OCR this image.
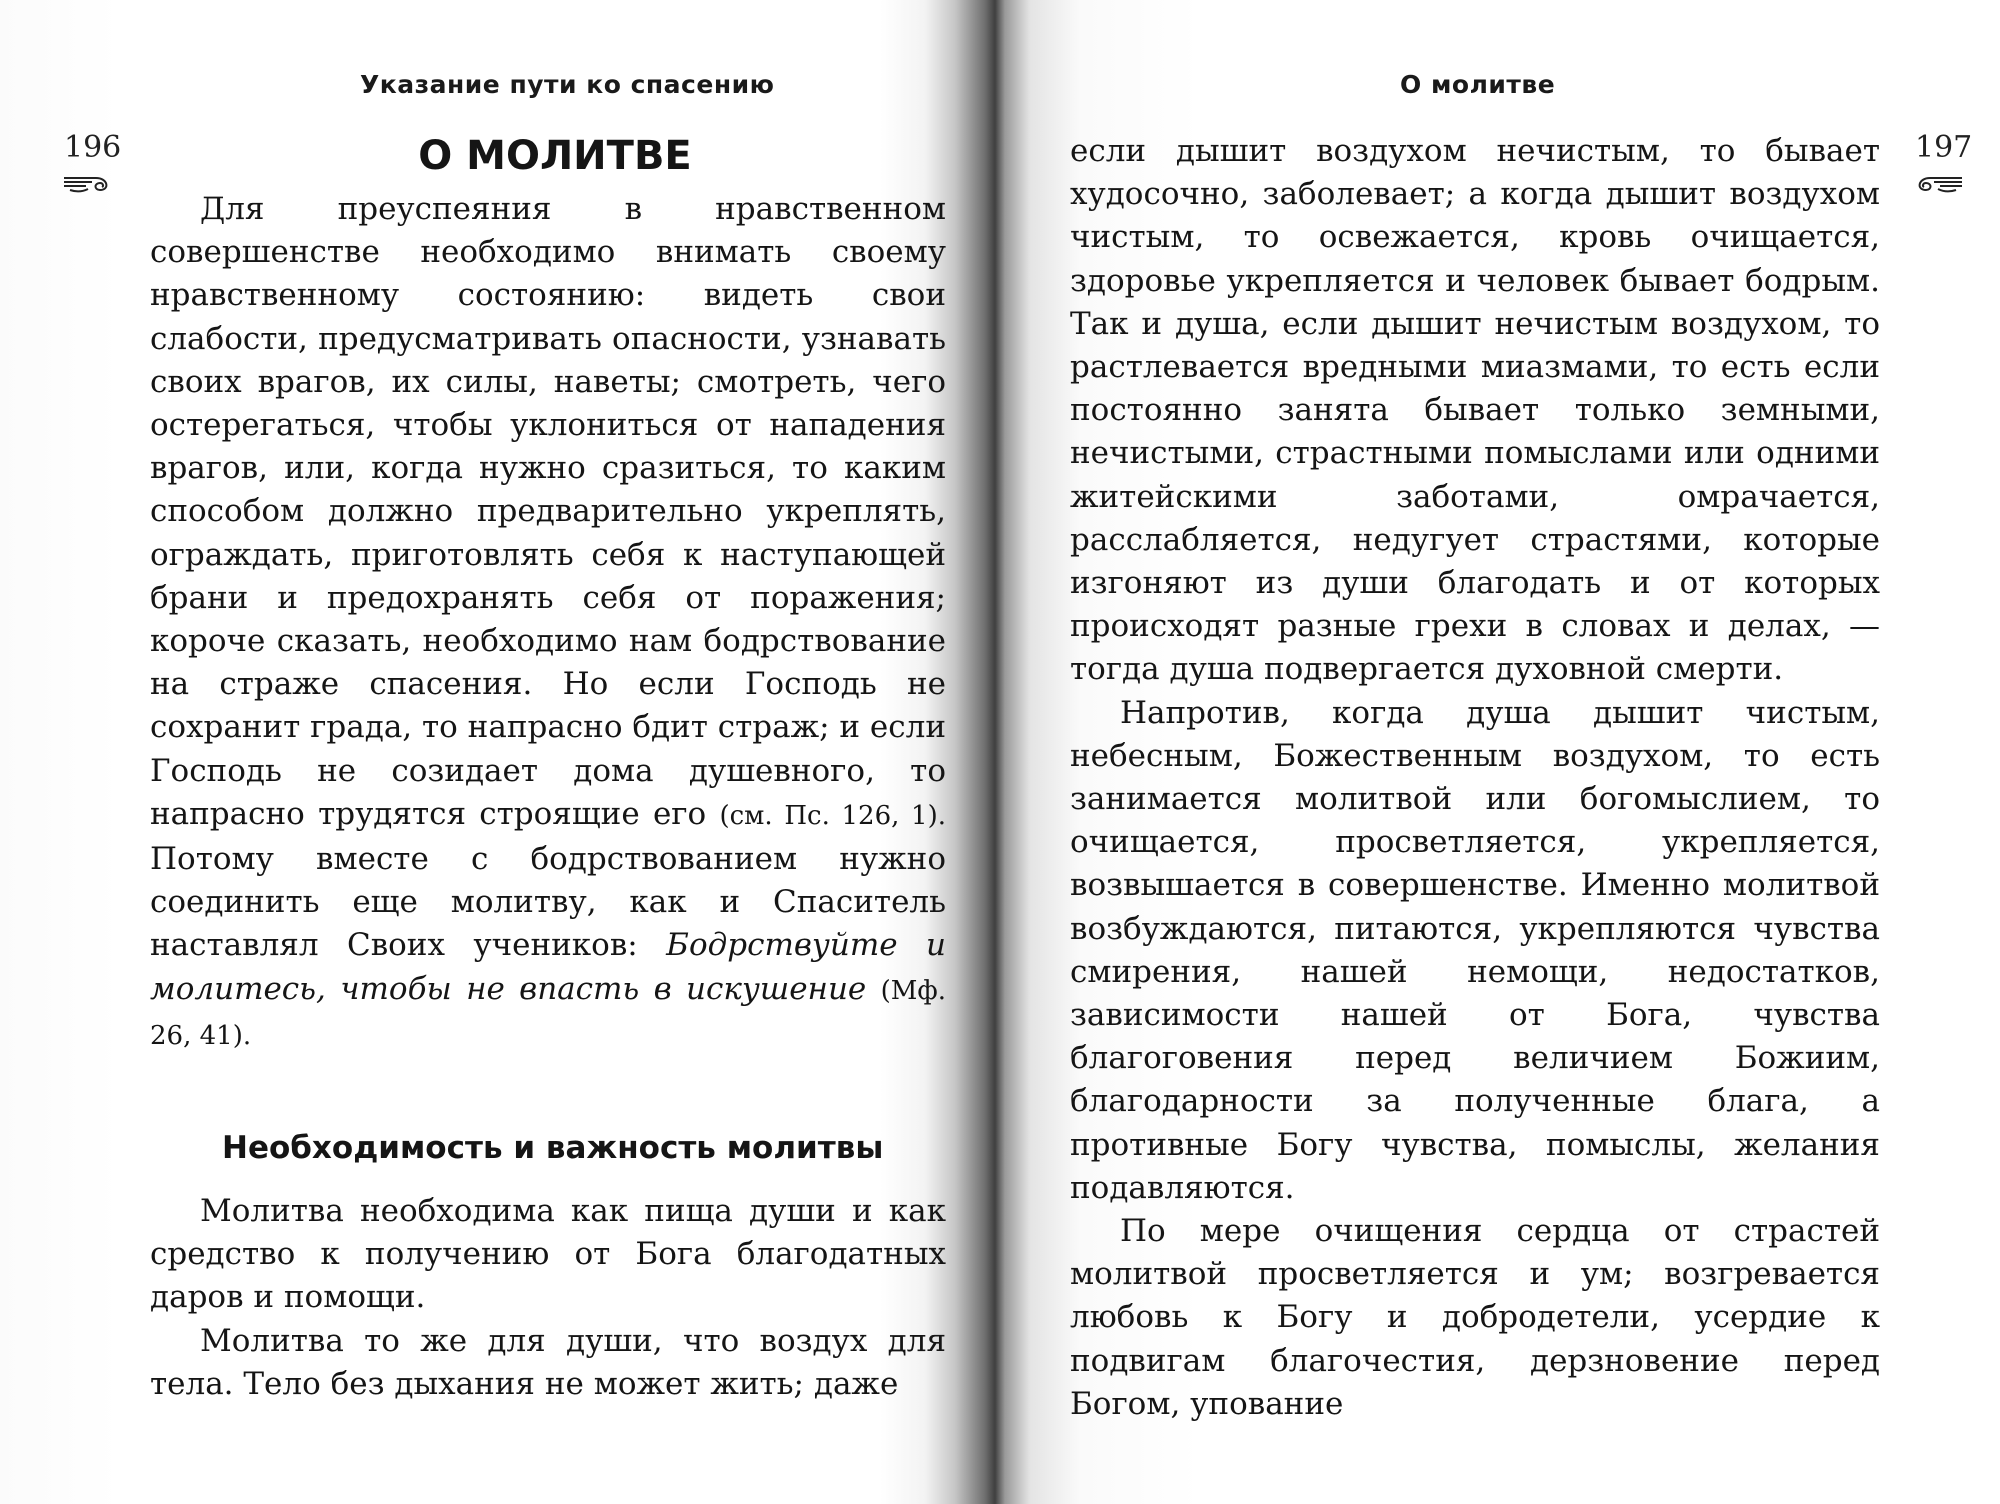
Указание пути ко спасению
196	О МОЛИТВЕ

Для преуспеяния в нравственном совершенстве необходимо внимать своему нравственному состоянию: видеть свои слабости, предусматривать опасности, узнавать своих врагов, их силы, наветы; смотреть, чего остерегаться, чтобы уклониться от нападения врагов, или, когда нужно сразиться, то каким способом должно предварительно укреплять, ограждать, приготовлять себя к наступающей брани и предохранять себя от поражения; короче сказать, необходимо нам бодрствование на страже спасения. Но если Господь не сохранит града, то напрасно бдит страж; и если Господь не созидает дома душевного, то напрасно трудятся строящие его (см. Пс. 126, 1). Потому вместе с бодрствованием нужно соединить еще молитву, как и Спаситель наставлял Своих учеников: Бодрствуйте и молитесь, чтобы не впасть в искушение (Мф. 26, 41).

Необходимость и важность молитвы

Молитва необходима как пища души и как средство к получению от Бога благодатных даров и помощи.

Молитва то же для души, что воздух для тела. Тело без дыхания не может жить; даже

О молитве
197

если дышит воздухом нечистым, то бывает худосочно, заболевает; а когда дышит воздухом чистым, то освежается, кровь очищается, здоровье укрепляется и человек бывает бодрым. Так и душа, если дышит нечистым воздухом, то растлевается вредными миазмами, то есть если постоянно занята бывает только земными, нечистыми, страстными помыслами или одними житейскими заботами, омрачается, расслабляется, недугует страстями, которые изгоняют из души благодать и от которых происходят разные грехи в словах и делах, — тогда душа подвергается духовной смерти.

Напротив, когда душа дышит чистым, небесным, Божественным воздухом, то есть занимается молитвой или богомыслием, то очищается, просветляется, укрепляется, возвышается в совершенстве. Именно молитвой возбуждаются, питаются, укрепляются чувства смирения, нашей немощи, недостатков, зависимости нашей от Бога, чувства благоговения перед величием Божиим, благодарности за полученные блага, а противные Богу чувства, помыслы, желания подавляются.

По мере очищения сердца от страстей молитвой просветляется и ум; возгревается любовь к Богу и добродетели, усердие к подвигам благочестия, дерзновение перед Богом, упование
